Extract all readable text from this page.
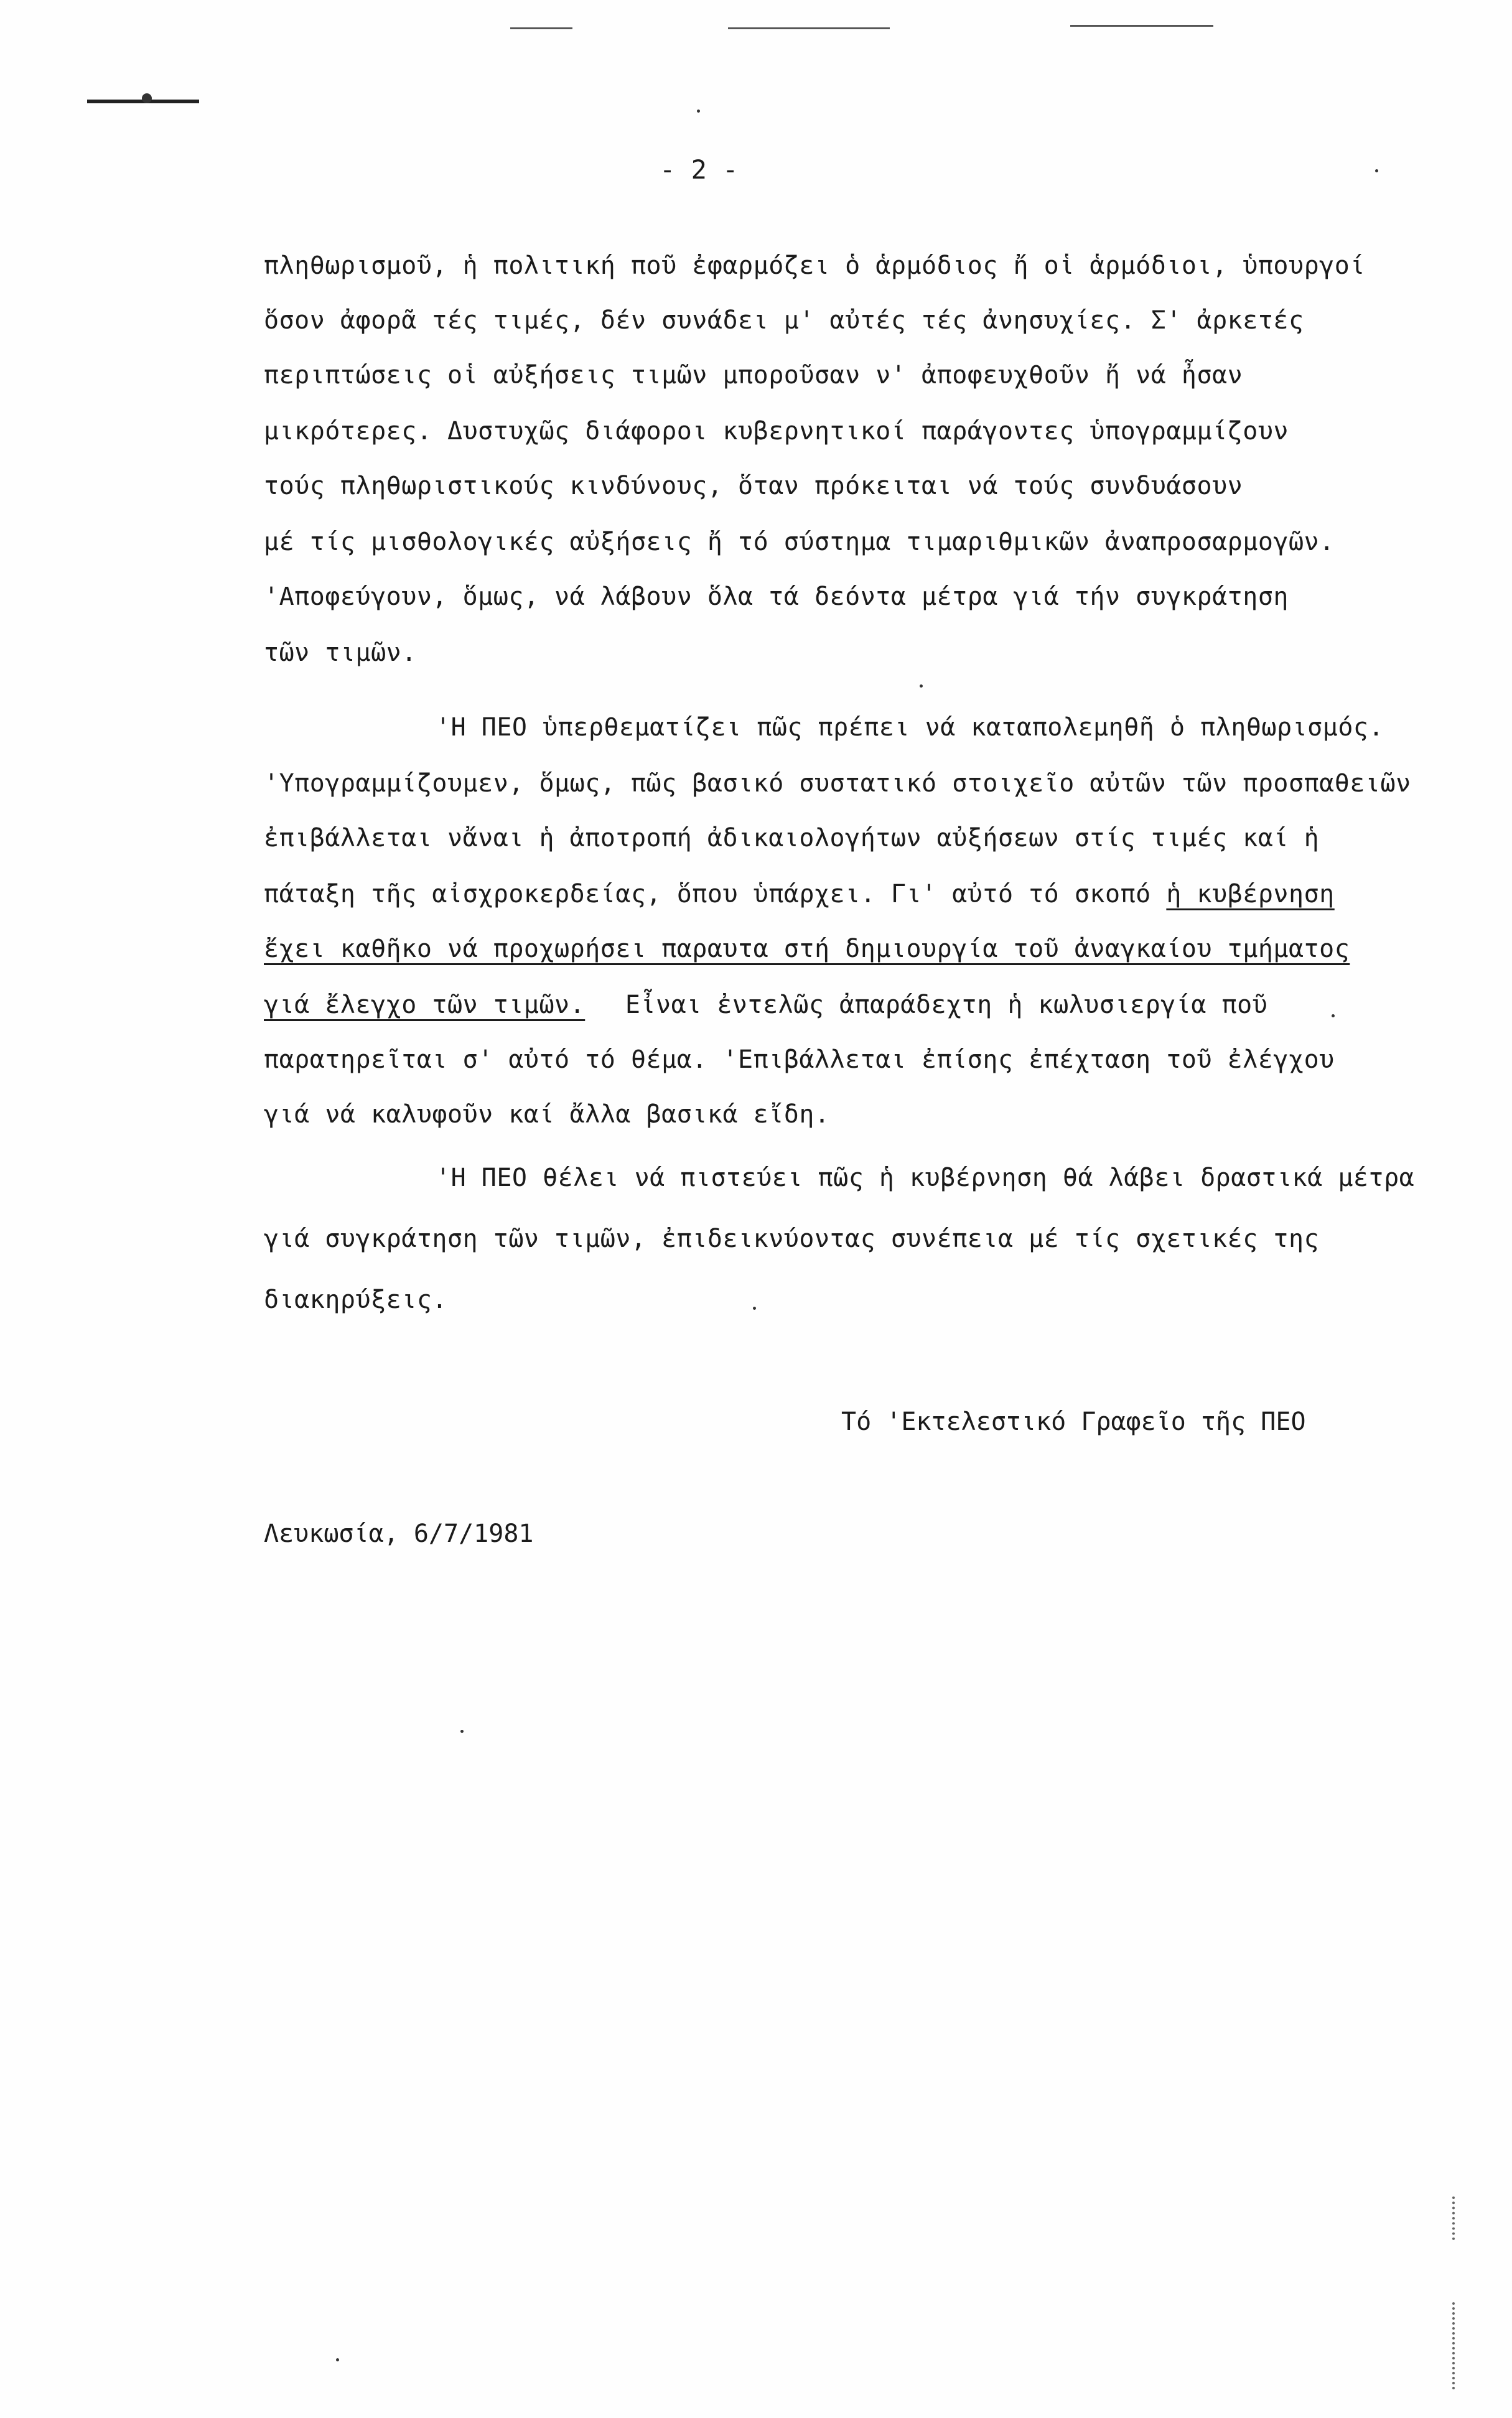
- 2 -
πληθωρισμοῦ, ἡ πολιτική ποῦ ἐφαρμόζει ὁ ἁρμόδιος ἤ οἱ ἁρμόδιοι, ὑπουργοί
ὅσον ἀφορᾶ τές τιμές, δέν συνάδει μ' αὐτές τές ἀνησυχίες. Σ' ἀρκετές
περιπτώσεις οἱ αὐξήσεις τιμῶν μποροῦσαν ν' ἀποφευχθοῦν ἤ νά ἦσαν
μικρότερες. Δυστυχῶς διάφοροι κυβερνητικοί παράγοντες ὑπογραμμίζουν
τούς πληθωριστικούς κινδύνους, ὅταν πρόκειται νά τούς συνδυάσουν
μέ τίς μισθολογικές αὐξήσεις ἤ τό σύστημα τιμαριθμικῶν ἀναπροσαρμογῶν.
'Αποφεύγουν, ὅμως, νά λάβουν ὅλα τά δεόντα μέτρα γιά τήν συγκράτηση
τῶν τιμῶν.
'Η ΠΕΟ ὑπερθεματίζει πῶς πρέπει νά καταπολεμηθῆ ὁ πληθωρισμός.
'Υπογραμμίζουμεν, ὅμως, πῶς βασικό συστατικό στοιχεῖο αὐτῶν τῶν προσπαθειῶν
ἐπιβάλλεται νἄναι ἡ ἀποτροπή ἀδικαιολογήτων αὐξήσεων στίς τιμές καί ἡ
πάταξη τῆς αἰσχροκερδείας, ὅπου ὑπάρχει. Γι' αὐτό τό σκοπό ἡ κυβέρνηση
ἔχει καθῆκο νά προχωρήσει παραυτα στή δημιουργία τοῦ ἀναγκαίου τμήματος
γιά ἔλεγχο τῶν τιμῶν. Εἶναι ἐντελῶς ἀπαράδεχτη ἡ κωλυσιεργία ποῦ
παρατηρεῖται σ' αὐτό τό θέμα. 'Επιβάλλεται ἐπίσης ἐπέχταση τοῦ ἐλέγχου
γιά νά καλυφοῦν καί ἄλλα βασικά εἴδη.
'Η ΠΕΟ θέλει νά πιστεύει πῶς ἡ κυβέρνηση θά λάβει δραστικά μέτρα
γιά συγκράτηση τῶν τιμῶν, ἐπιδεικνύοντας συνέπεια μέ τίς σχετικές της
διακηρύξεις.
Τό 'Εκτελεστικό Γραφεῖο τῆς ΠΕΟ
Λευκωσία, 6/7/1981
